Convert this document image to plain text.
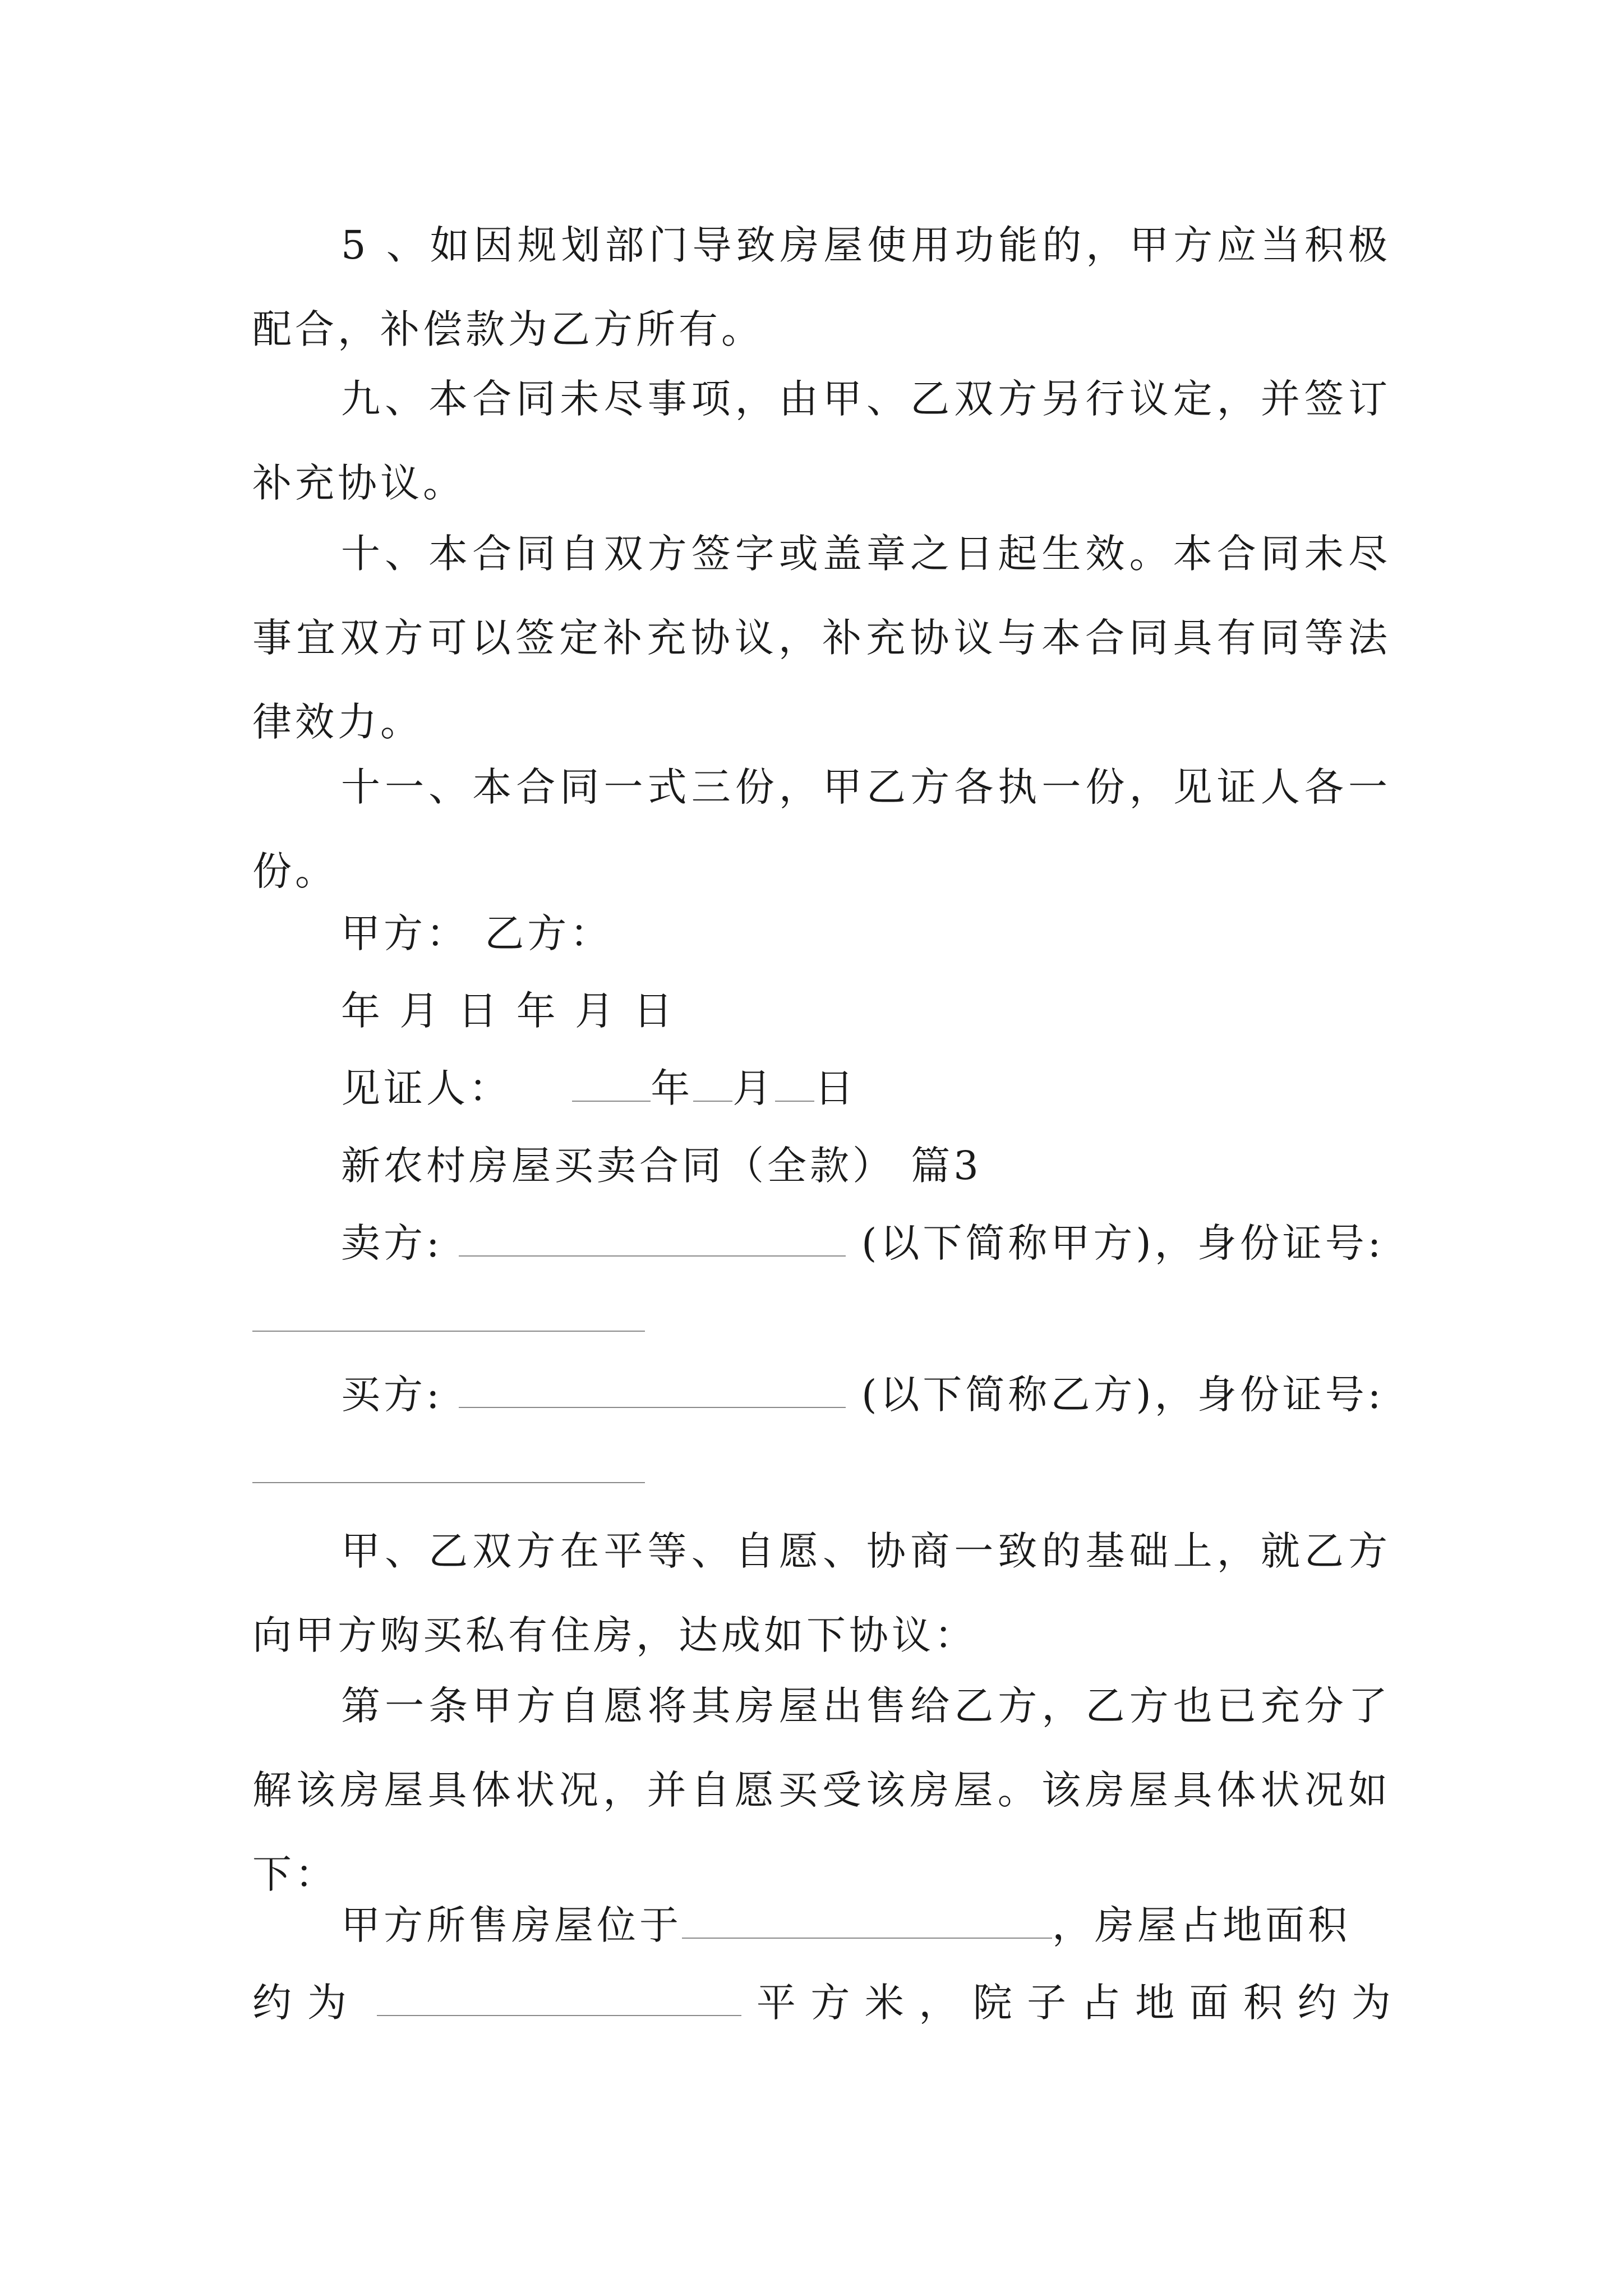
5 、如因规划部门导致房屋使用功能的，甲方应当积极配合，补偿款为乙方所有。

九、本合同未尽事项，由甲、乙双方另行议定，并签订补充协议。

十、本合同自双方签字或盖章之日起生效。本合同未尽事宜双方可以签定补充协议，补充协议与本合同具有同等法律效力。

十一、本合同一式三份，甲乙方各执一份，见证人各一份。

甲方： 乙方：

年 月 日 年 月 日

见证人：	年 月 日

新农村房屋买卖合同（全款） 篇3

卖方:	(以下简称甲方)，身份证号:

买方:	(以下简称乙方)，身份证号:

甲、乙双方在平等、自愿、协商一致的基础上，就乙方向甲方购买私有住房，达成如下协议：

第一条甲方自愿将其房屋出售给乙方，乙方也已充分了解该房屋具体状况，并自愿买受该房屋。该房屋具体状况如下：

甲方所售房屋位于	，房屋占地面积

约为	平 方 米 ， 院 子 占 地 面 积 约 为
